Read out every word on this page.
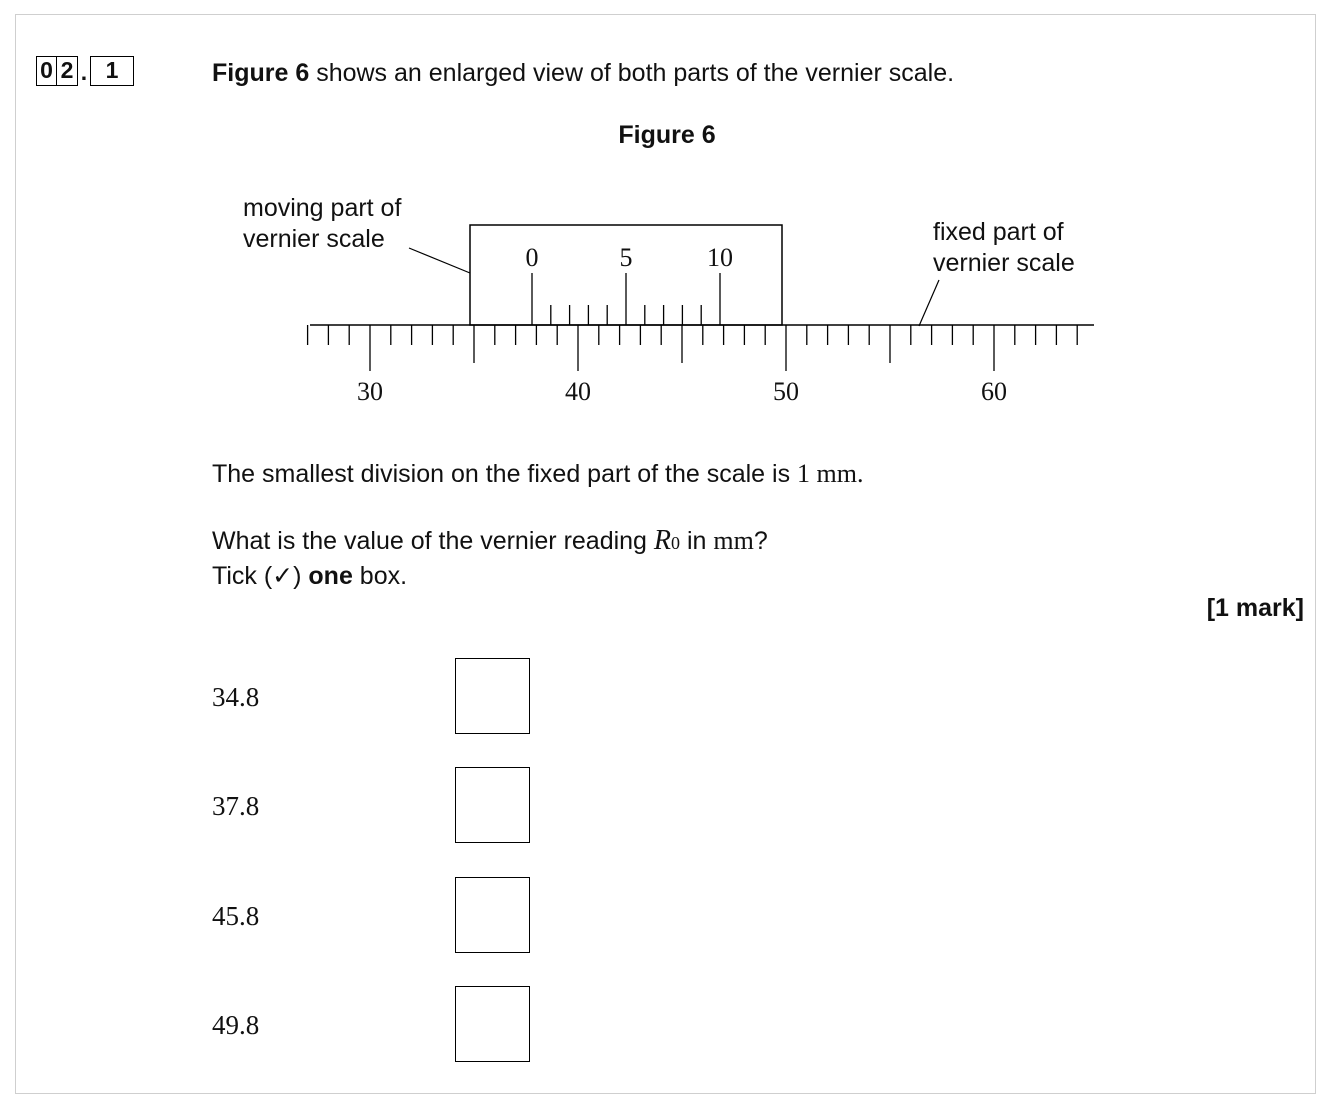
0 2 . 1	Figure 6 shows an enlarged view of both parts of the vernier scale.
Figure 6
moving part of
vernier scale	fixed part of
vernier scale
0	5	10
30	40	50	60
The smallest division on the fixed part of the scale is 1 mm.
What is the value of the vernier reading R0 in mm?
Tick (✓) one box.
[1 mark]
34.8
37.8
45.8
49.8
